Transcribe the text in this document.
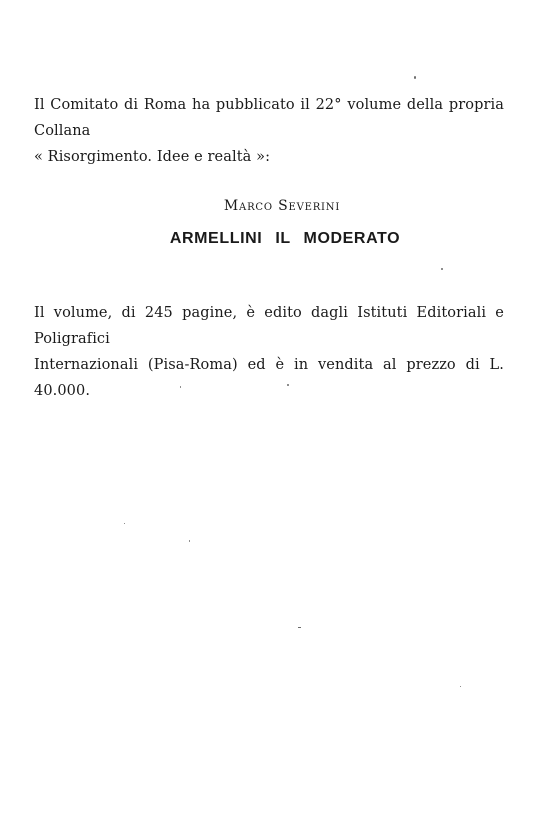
Il Comitato di Roma ha pubblicato il 22° volume della propria Collana
« Risorgimento. Idee e realtà »:

Marco Severini

ARMELLINI IL MODERATO

Il volume, di 245 pagine, è edito dagli Istituti Editoriali e Poligrafici
Internazionali (Pisa-Roma) ed è in vendita al prezzo di L. 40.000.
